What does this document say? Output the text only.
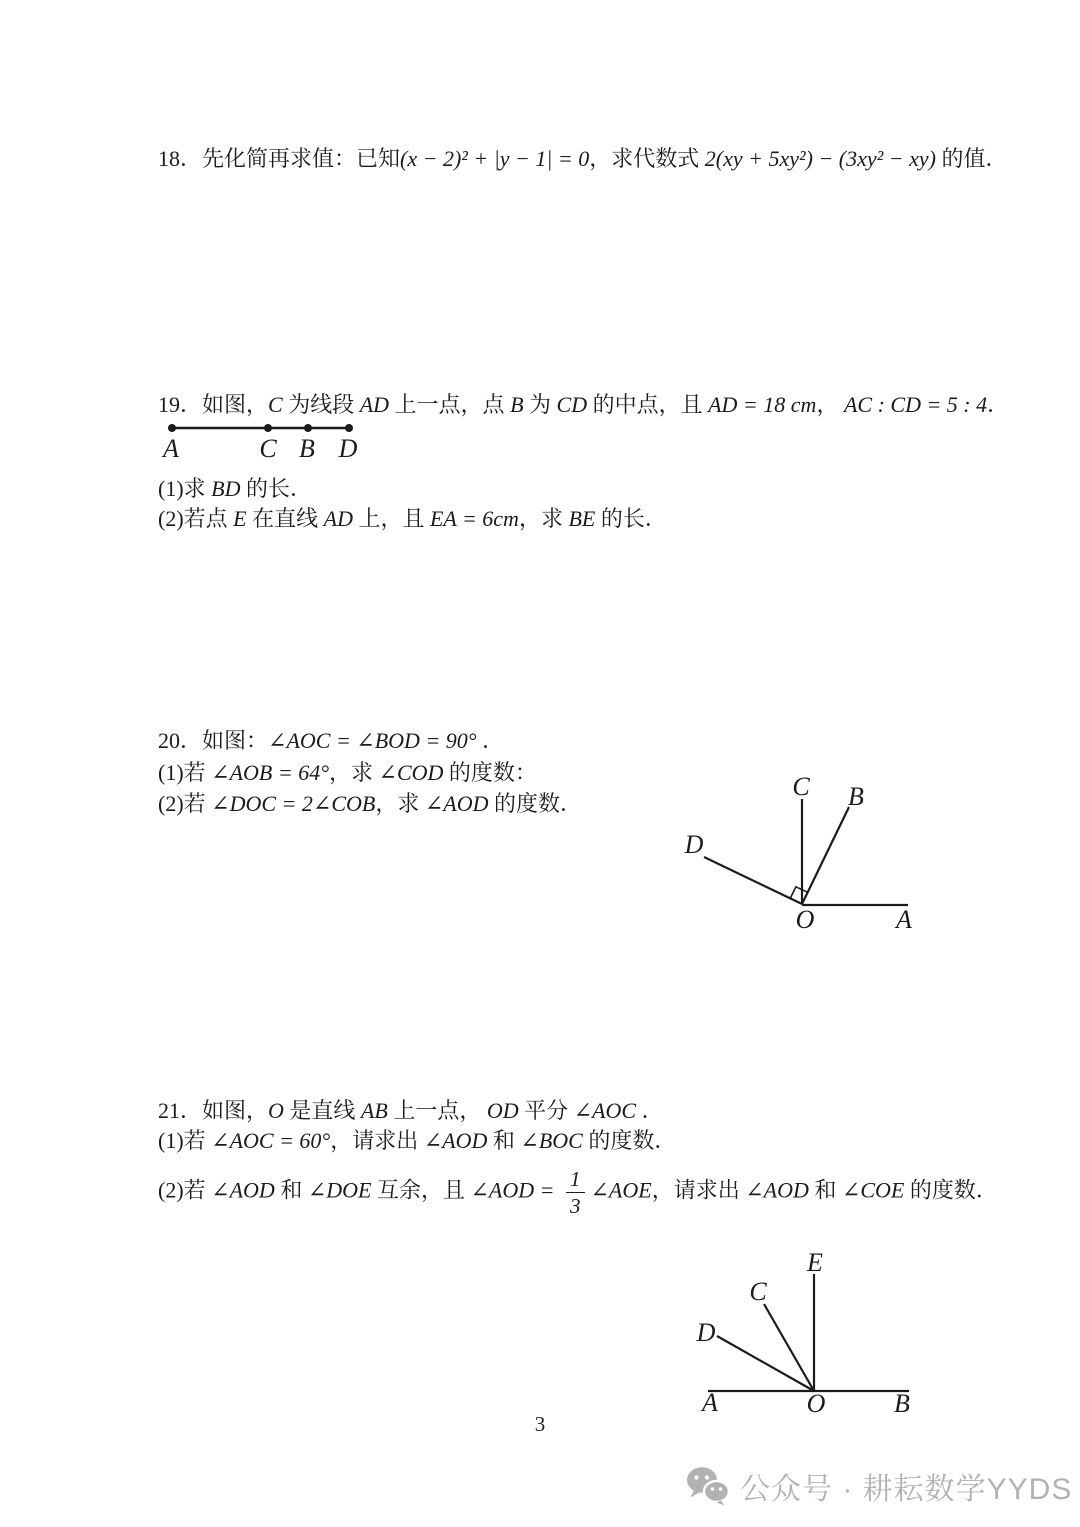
18．先化简再求值：已知(x − 2)² + |y − 1| = 0，求代数式 2(xy + 5xy²) − (3xy² − xy) 的值．
19．如图，C 为线段 AD 上一点，点 B 为 CD 的中点，且 AD = 18 cm， AC : CD = 5 : 4．
A	C B D
(1)求 BD 的长．
(2)若点 E 在直线 AD 上，且 EA = 6cm，求 BE 的长．
20．如图：∠AOC = ∠BOD = 90° ．
(1)若 ∠AOB = 64°，求 ∠COD 的度数：
(2)若 ∠DOC = 2∠COB，求 ∠AOD 的度数．
C B
D
O	A
21．如图，O 是直线 AB 上一点， OD 平分 ∠AOC ．
(1)若 ∠AOC = 60°，请求出 ∠AOD 和 ∠BOC 的度数．
(2)若 ∠AOD 和 ∠DOE 互余，且 ∠AOD = $\frac{1}{3}$ ∠AOE，请求出 ∠AOD 和 ∠COE 的度数．
E
C
D
A	O	B
3
公众号 · 耕耘数学YYDS
